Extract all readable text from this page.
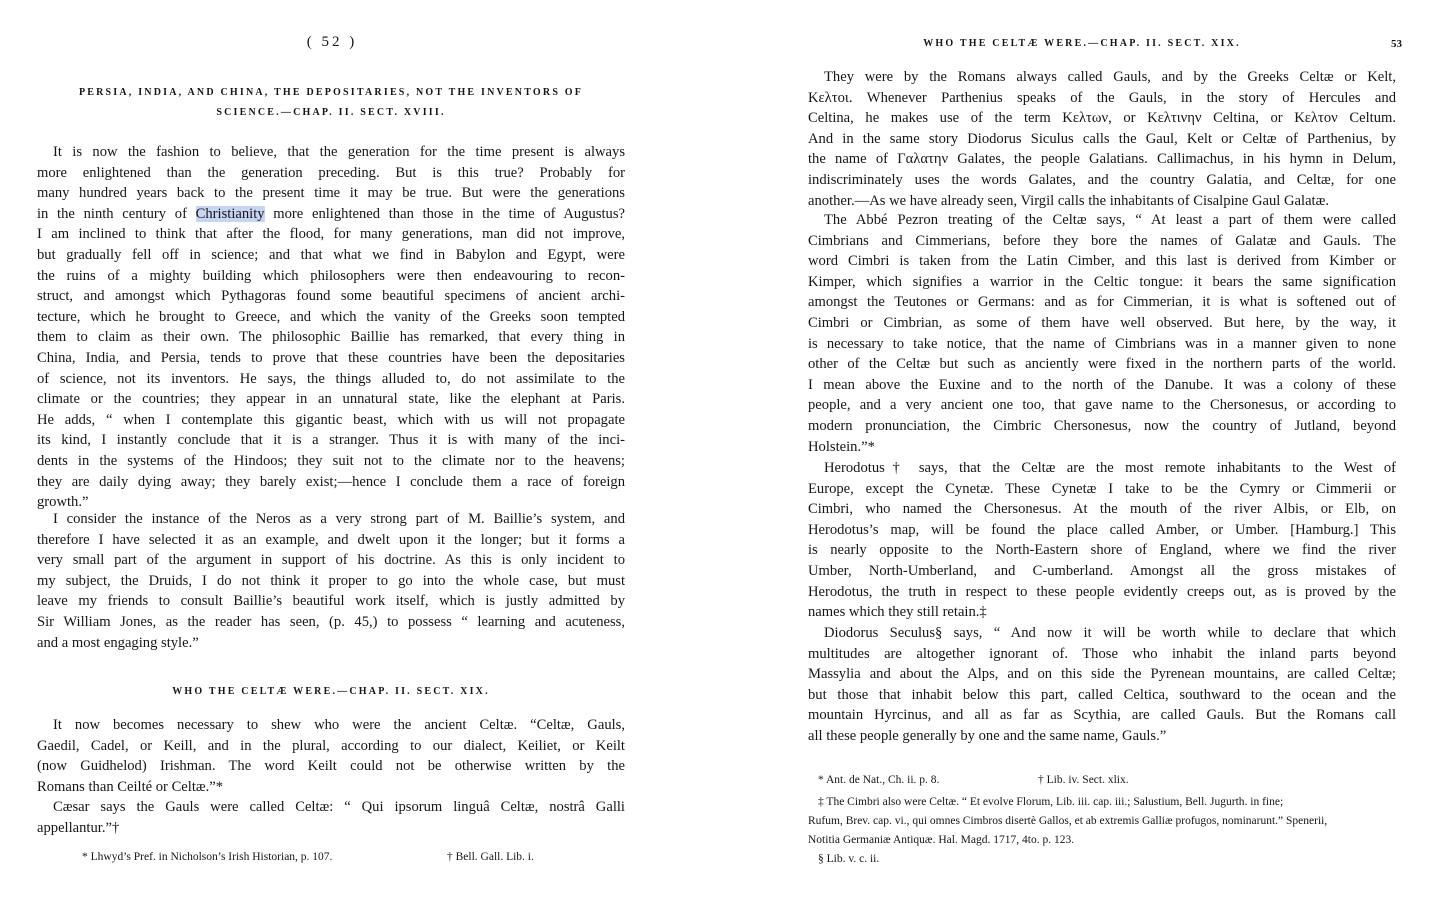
( 52 )
PERSIA, INDIA, AND CHINA, THE DEPOSITARIES, NOT THE INVENTORS OF
SCIENCE.—CHAP. II. SECT. XVIII.
It is now the fashion to believe, that the generation for the time present is always
more enlightened than the generation preceding. But is this true? Probably for
many hundred years back to the present time it may be true. But were the generations
in the ninth century of Christianity more enlightened than those in the time of Augustus?
I am inclined to think that after the flood, for many generations, man did not improve,
but gradually fell off in science; and that what we find in Babylon and Egypt, were
the ruins of a mighty building which philosophers were then endeavouring to recon-
struct, and amongst which Pythagoras found some beautiful specimens of ancient archi-
tecture, which he brought to Greece, and which the vanity of the Greeks soon tempted
them to claim as their own. The philosophic Baillie has remarked, that every thing in
China, India, and Persia, tends to prove that these countries have been the depositaries
of science, not its inventors. He says, the things alluded to, do not assimilate to the
climate or the countries; they appear in an unnatural state, like the elephant at Paris.
He adds, “ when I contemplate this gigantic beast, which with us will not propagate
its kind, I instantly conclude that it is a stranger. Thus it is with many of the inci-
dents in the systems of the Hindoos; they suit not to the climate nor to the heavens;
they are daily dying away; they barely exist;—hence I conclude them a race of foreign
growth.”
I consider the instance of the Neros as a very strong part of M. Baillie’s system, and
therefore I have selected it as an example, and dwelt upon it the longer; but it forms a
very small part of the argument in support of his doctrine. As this is only incident to
my subject, the Druids, I do not think it proper to go into the whole case, but must
leave my friends to consult Baillie’s beautiful work itself, which is justly admitted by
Sir William Jones, as the reader has seen, (p. 45,) to possess “ learning and acuteness,
and a most engaging style.”
WHO THE CELTÆ WERE.—CHAP. II. SECT. XIX.
It now becomes necessary to shew who were the ancient Celtæ. “Celtæ, Gauls,
Gaedil, Cadel, or Keill, and in the plural, according to our dialect, Keiliet, or Keilt
(now Guidhelod) Irishman. The word Keilt could not be otherwise written by the
Romans than Ceilté or Celtæ.”*
Cæsar says the Gauls were called Celtæ: “ Qui ipsorum linguâ Celtæ, nostrâ Galli
appellantur.”†
* Lhwyd’s Pref. in Nicholson’s Irish Historian, p. 107.	† Bell. Gall. Lib. i.
WHO THE CELTÆ WERE.—CHAP. II. SECT. XIX.	53
They were by the Romans always called Gauls, and by the Greeks Celtæ or Kelt,
Κελτοι. Whenever Parthenius speaks of the Gauls, in the story of Hercules and
Celtina, he makes use of the term Κελτων, or Κελτινην Celtina, or Κελτον Celtum.
And in the same story Diodorus Siculus calls the Gaul, Kelt or Celtæ of Parthenius, by
the name of Γαλατην Galates, the people Galatians. Callimachus, in his hymn in Delum,
indiscriminately uses the words Galates, and the country Galatia, and Celtæ, for one
another.—As we have already seen, Virgil calls the inhabitants of Cisalpine Gaul Galatæ.
The Abbé Pezron treating of the Celtæ says, “ At least a part of them were called
Cimbrians and Cimmerians, before they bore the names of Galatæ and Gauls. The
word Cimbri is taken from the Latin Cimber, and this last is derived from Kimber or
Kimper, which signifies a warrior in the Celtic tongue: it bears the same signification
amongst the Teutones or Germans: and as for Cimmerian, it is what is softened out of
Cimbri or Cimbrian, as some of them have well observed. But here, by the way, it
is necessary to take notice, that the name of Cimbrians was in a manner given to none
other of the Celtæ but such as anciently were fixed in the northern parts of the world.
I mean above the Euxine and to the north of the Danube. It was a colony of these
people, and a very ancient one too, that gave name to the Chersonesus, or according to
modern pronunciation, the Cimbric Chersonesus, now the country of Jutland, beyond
Holstein.”*
Herodotus† says, that the Celtæ are the most remote inhabitants to the West of
Europe, except the Cynetæ. These Cynetæ I take to be the Cymry or Cimmerii or
Cimbri, who named the Chersonesus. At the mouth of the river Albis, or Elb, on
Herodotus’s map, will be found the place called Amber, or Umber. [Hamburg.] This
is nearly opposite to the North-Eastern shore of England, where we find the river
Umber, North-Umberland, and C-umberland. Amongst all the gross mistakes of
Herodotus, the truth in respect to these people evidently creeps out, as is proved by the
names which they still retain.‡
Diodorus Seculus§ says, “ And now it will be worth while to declare that which
multitudes are altogether ignorant of. Those who inhabit the inland parts beyond
Massylia and about the Alps, and on this side the Pyrenean mountains, are called Celtæ;
but those that inhabit below this part, called Celtica, southward to the ocean and the
mountain Hyrcinus, and all as far as Scythia, are called Gauls. But the Romans call
all these people generally by one and the same name, Gauls.”
* Ant. de Nat., Ch. ii. p. 8.	† Lib. iv. Sect. xlix.
‡ The Cimbri also were Celtæ. “ Et evolve Florum, Lib. iii. cap. iii.; Salustium, Bell. Jugurth. in fine;
Rufum, Brev. cap. vi., qui omnes Cimbros disertè Gallos, et ab extremis Galliæ profugos, nominarunt.” Spenerii,
Notitia Germaniæ Antiquæ. Hal. Magd. 1717, 4to. p. 123.
§ Lib. v. c. ii.
